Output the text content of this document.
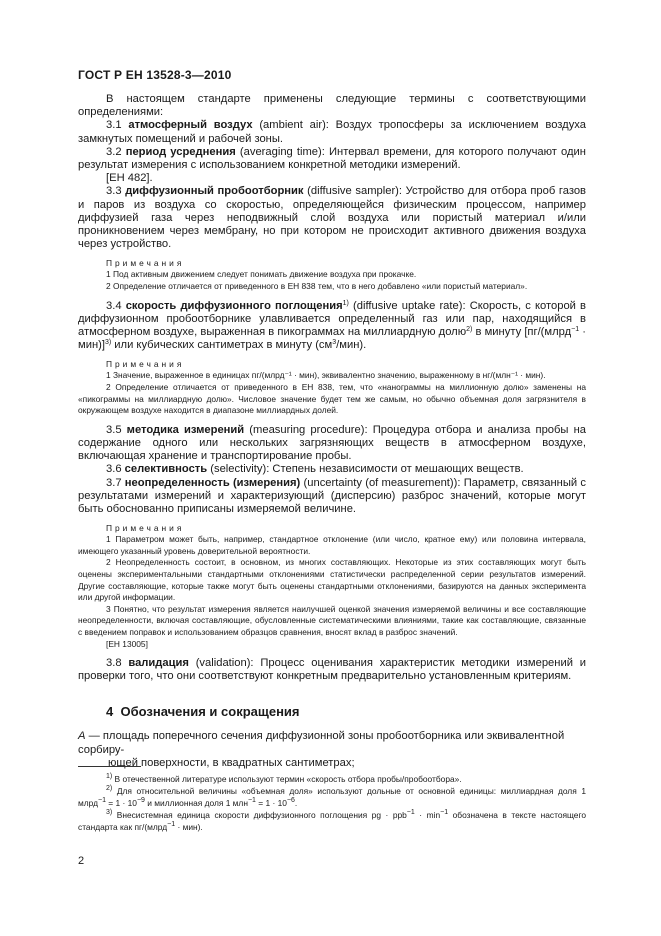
ГОСТ Р ЕН 13528-3—2010

В настоящем стандарте применены следующие термины с соответствующими определениями:

3.1 атмосферный воздух (ambient air): Воздух тропосферы за исключением воздуха замкнутых помещений и рабочей зоны.

3.2 период усреднения (averaging time): Интервал времени, для которого получают один результат измерения с использованием конкретной методики измерений.

[ЕН 482].

3.3 диффузионный пробоотборник (diffusive sampler): Устройство для отбора проб газов и паров из воздуха со скоростью, определяющейся физическим процессом, например диффузией газа через неподвижный слой воздуха или пористый материал и/или проникновением через мембрану, но при котором не происходит активного движения воздуха через устройство.

Примечания

1 Под активным движением следует понимать движение воздуха при прокачке.

2 Определение отличается от приведенного в ЕН 838 тем, что в него добавлено «или пористый материал».

3.4 скорость диффузионного поглощения$^{1)}$ (diffusive uptake rate): Скорость, с которой в диффузионном пробоотборнике улавливается определенный газ или пар, находящийся в атмосферном воздухе, выраженная в пикограммах на миллиардную долю$^{2)}$ в минуту [пг/(млрд$^{-1}$ · мин)]$^{3)}$ или кубических сантиметрах в минуту $(см^3/мин)$.

Примечания

1 Значение, выраженное в единицах пг/(млрд⁻¹ · мин), эквивалентно значению, выраженному в нг/(млн⁻¹ · мин).

2 Определение отличается от приведенного в ЕН 838, тем, что «нанограммы на миллионную долю» заменены на «пикограммы на миллиардную долю». Числовое значение будет тем же самым, но обычно объемная доля загрязнителя в окружающем воздухе находится в диапазоне миллиардных долей.

3.5 методика измерений (measuring procedure): Процедура отбора и анализа пробы на содержание одного или нескольких загрязняющих веществ в атмосферном воздухе, включающая хранение и транспортирование пробы.

3.6 селективность (selectivity): Степень независимости от мешающих веществ.

3.7 неопределенность (измерения) (uncertainty (of measurement)): Параметр, связанный с результатами измерений и характеризующий (дисперсию) разброс значений, которые могут быть обоснованно приписаны измеряемой величине.

Примечания

1 Параметром может быть, например, стандартное отклонение (или число, кратное ему) или половина интервала, имеющего указанный уровень доверительной вероятности.

2 Неопределенность состоит, в основном, из многих составляющих. Некоторые из этих составляющих могут быть оценены экспериментальными стандартными отклонениями статистически распределенной серии результатов измерений. Другие составляющие, которые также могут быть оценены стандартными отклонениями, базируются на данных эксперимента или другой информации.

3 Понятно, что результат измерения является наилучшей оценкой значения измеряемой величины и все составляющие неопределенности, включая составляющие, обусловленные систематическими влияниями, такие как составляющие, связанные с введением поправок и использованием образцов сравнения, вносят вклад в разброс значений.

[ЕН 13005]

3.8 валидация (validation): Процесс оценивания характеристик методики измерений и проверки того, что они соответствуют конкретным предварительно установленным критериям.

4 Обозначения и сокращения
A — площадь поперечного сечения диффузионной зоны пробоотборника или эквивалентной сорбиру-
ющей поверхности, в квадратных сантиметрах;

$^{1)}$ В отечественной литературе используют термин «скорость отбора пробы/пробоотбора».

$^{2)}$ Для относительной величины «объемная доля» используют дольные от основной единицы: миллиардная доля 1 млрд$^{-1}$ = $1 \cdot 10^{-9}$ и миллионная доля 1 $млн^{-1} = 1 \cdot 10^{-6}$.

$^{3)}$ Внесистемная единица скорости диффузионного поглощения pg · $ppb^{-1} \cdot \min^{-1}$ обозначена в тексте настоящего стандарта как пг/(млрд$^{-1}$ · мин).

2
